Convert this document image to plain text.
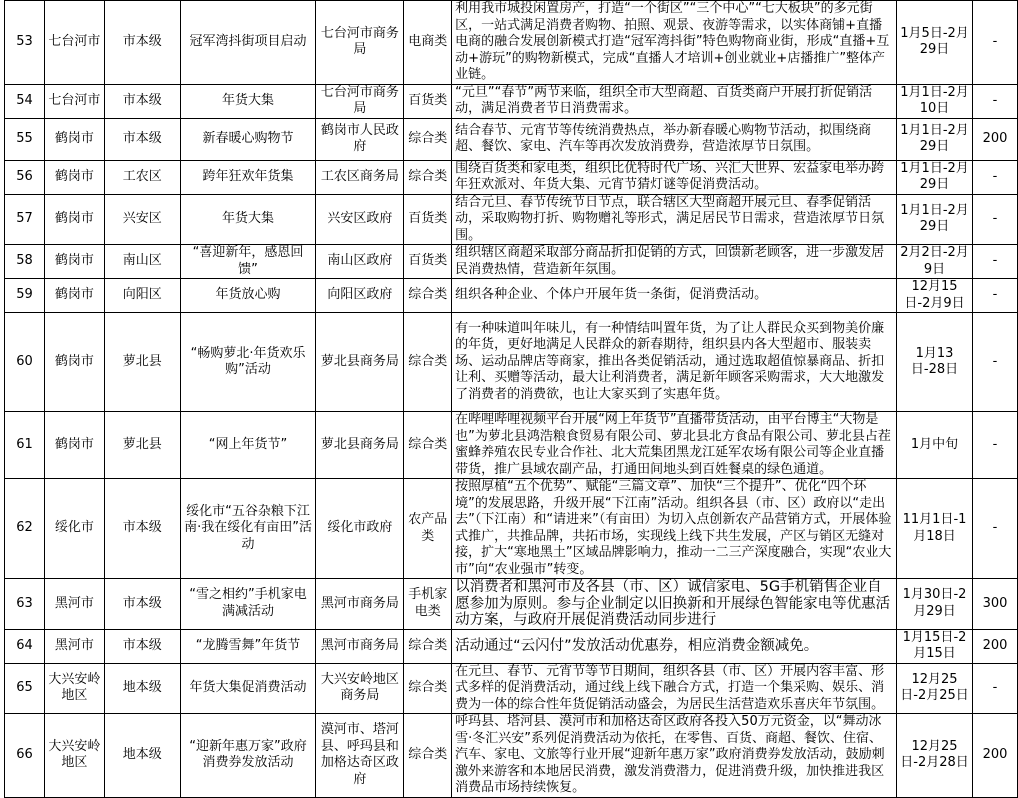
53	七台河市	市本级	冠军湾抖街项目启动	七台河市商务局	电商类	利用我市城投闲置房产，打造“一个街区”“三个中心”“七大板块”的多元街区，一站式满足消费者购物、拍照、观景、夜游等需求，以实体商铺+直播电商的融合发展创新模式打造“冠军湾抖街”特色购物商业街，形成“直播+互动+游玩”的购物新模式，完成“直播人才培训+创业就业+店播推广”整体产业链。	1月5日-2月29日	-
54	七台河市	市本级	年货大集	七台河市商务局	百货类	“元旦”“春节”两节来临，组织全市大型商超、百货类商户开展打折促销活动，满足消费者节日消费需求。	1月1日-2月10日	-
55	鹤岗市	市本级	新春暖心购物节	鹤岗市人民政府	综合类	结合春节、元宵节等传统消费热点，举办新春暖心购物节活动，拟围绕商超、餐饮、家电、汽车等再次发放消费券，营造浓厚节日氛围。	1月1日-2月29日	200
56	鹤岗市	工农区	跨年狂欢年货集	工农区商务局	综合类	围绕百货类和家电类，组织比优特时代广场、兴汇大世界、宏益家电举办跨年狂欢派对、年货大集、元宵节猜灯谜等促消费活动。	1月1日-2月29日	-
57	鹤岗市	兴安区	年货大集	兴安区政府	百货类	结合元旦、春节传统节日节点，联合辖区大型商超开展元旦、春季促销活动，采取购物打折、购物赠礼等形式，满足居民节日需求，营造浓厚节日氛围。	1月1日-2月29日	-
58	鹤岗市	南山区	“喜迎新年，感恩回馈”	南山区政府	百货类	组织辖区商超采取部分商品折扣促销的方式，回馈新老顾客，进一步激发居民消费热情，营造新年氛围。	2月2日-2月9日	-
59	鹤岗市	向阳区	年货放心购	向阳区政府	综合类	组织各种企业、个体户开展年货一条街，促消费活动。	12月15日-2月9日	-
60	鹤岗市	萝北县	“畅购萝北·年货欢乐购”活动	萝北县商务局	综合类	有一种味道叫年味儿，有一种情结叫置年货，为了让人群民众买到物美价廉的年货，更好地满足人民群众的新春期待，组织县内各大型超市、服装卖场、运动品牌店等商家，推出各类促销活动，通过选取超值惊暴商品、折扣让利、买赠等活动，最大让利消费者，满足新年顾客采购需求，大大地激发了消费者的消费欲，也让大家买到了实惠年货。	1月13日-28日	-
61	鹤岗市	萝北县	“网上年货节”	萝北县商务局	综合类	在哔哩哔哩视频平台开展“网上年货节”直播带货活动，由平台博主“大物是也”为萝北县鸿浩粮食贸易有限公司、萝北县北方食品有限公司、萝北县占茬蜜蜂养殖农民专业合作社、北大荒集团黑龙江延军农场有限公司等企业直播带货，推广县域农副产品，打通田间地头到百姓餐桌的绿色通道。	1月中旬	-
62	绥化市	市本级	绥化市“五谷杂粮下江南·我在绥化有亩田”活动	绥化市政府	农产品类	按照厚植“五个优势”、赋能“三篇文章”、加快“三个提升”、优化“四个环境”的发展思路，升级开展“下江南”活动。组织各县（市、区）政府以“走出去”（下江南）和“请进来”（有亩田）为切入点创新农产品营销方式，开展体验式推广，共推品牌，共拓市场，实现线上线下共生发展，产区与销区无缝对接，扩大“寒地黑土”区域品牌影响力，推动一二三产深度融合，实现“农业大市”向“农业强市”转变。	11月1日-1月18日	-
63	黑河市	市本级	“雪之相约”手机家电满减活动	黑河市商务局	手机家电类	以消费者和黑河市及各县（市、区）诚信家电、5G手机销售企业自愿参加为原则。参与企业制定以旧换新和开展绿色智能家电等优惠活动方案，与政府开展促消费活动同步进行	1月30日-2月29日	300
64	黑河市	市本级	“龙腾雪舞”年货节	黑河市商务局	综合类	活动通过“云闪付”发放活动优惠券，相应消费金额减免。	1月15日-2月15日	200
65	大兴安岭地区	地本级	年货大集促消费活动	大兴安岭地区商务局	综合类	在元旦、春节、元宵节等节日期间，组织各县（市、区）开展内容丰富、形式多样的促消费活动，通过线上线下融合方式，打造一个集采购、娱乐、消费为一体的综合性年货促销活动盛会，为居民生活营造欢乐喜庆年节氛围。	12月25日-2月25日	-
66	大兴安岭地区	地本级	“迎新年惠万家”政府消费券发放活动	漠河市、塔河县、呼玛县和加格达奇区政府	综合类	呼玛县、塔河县、漠河市和加格达奇区政府各投入50万元资金，以“舞动冰雪·冬汇兴安”系列促消费活动为依托，在零售、百货、商超、餐饮、住宿、汽车、家电、文旅等行业开展“迎新年惠万家”政府消费券发放活动，鼓励刺激外来游客和本地居民消费，激发消费潜力，促进消费升级，加快推进我区消费品市场持续恢复。	12月25日-2月28日	200
